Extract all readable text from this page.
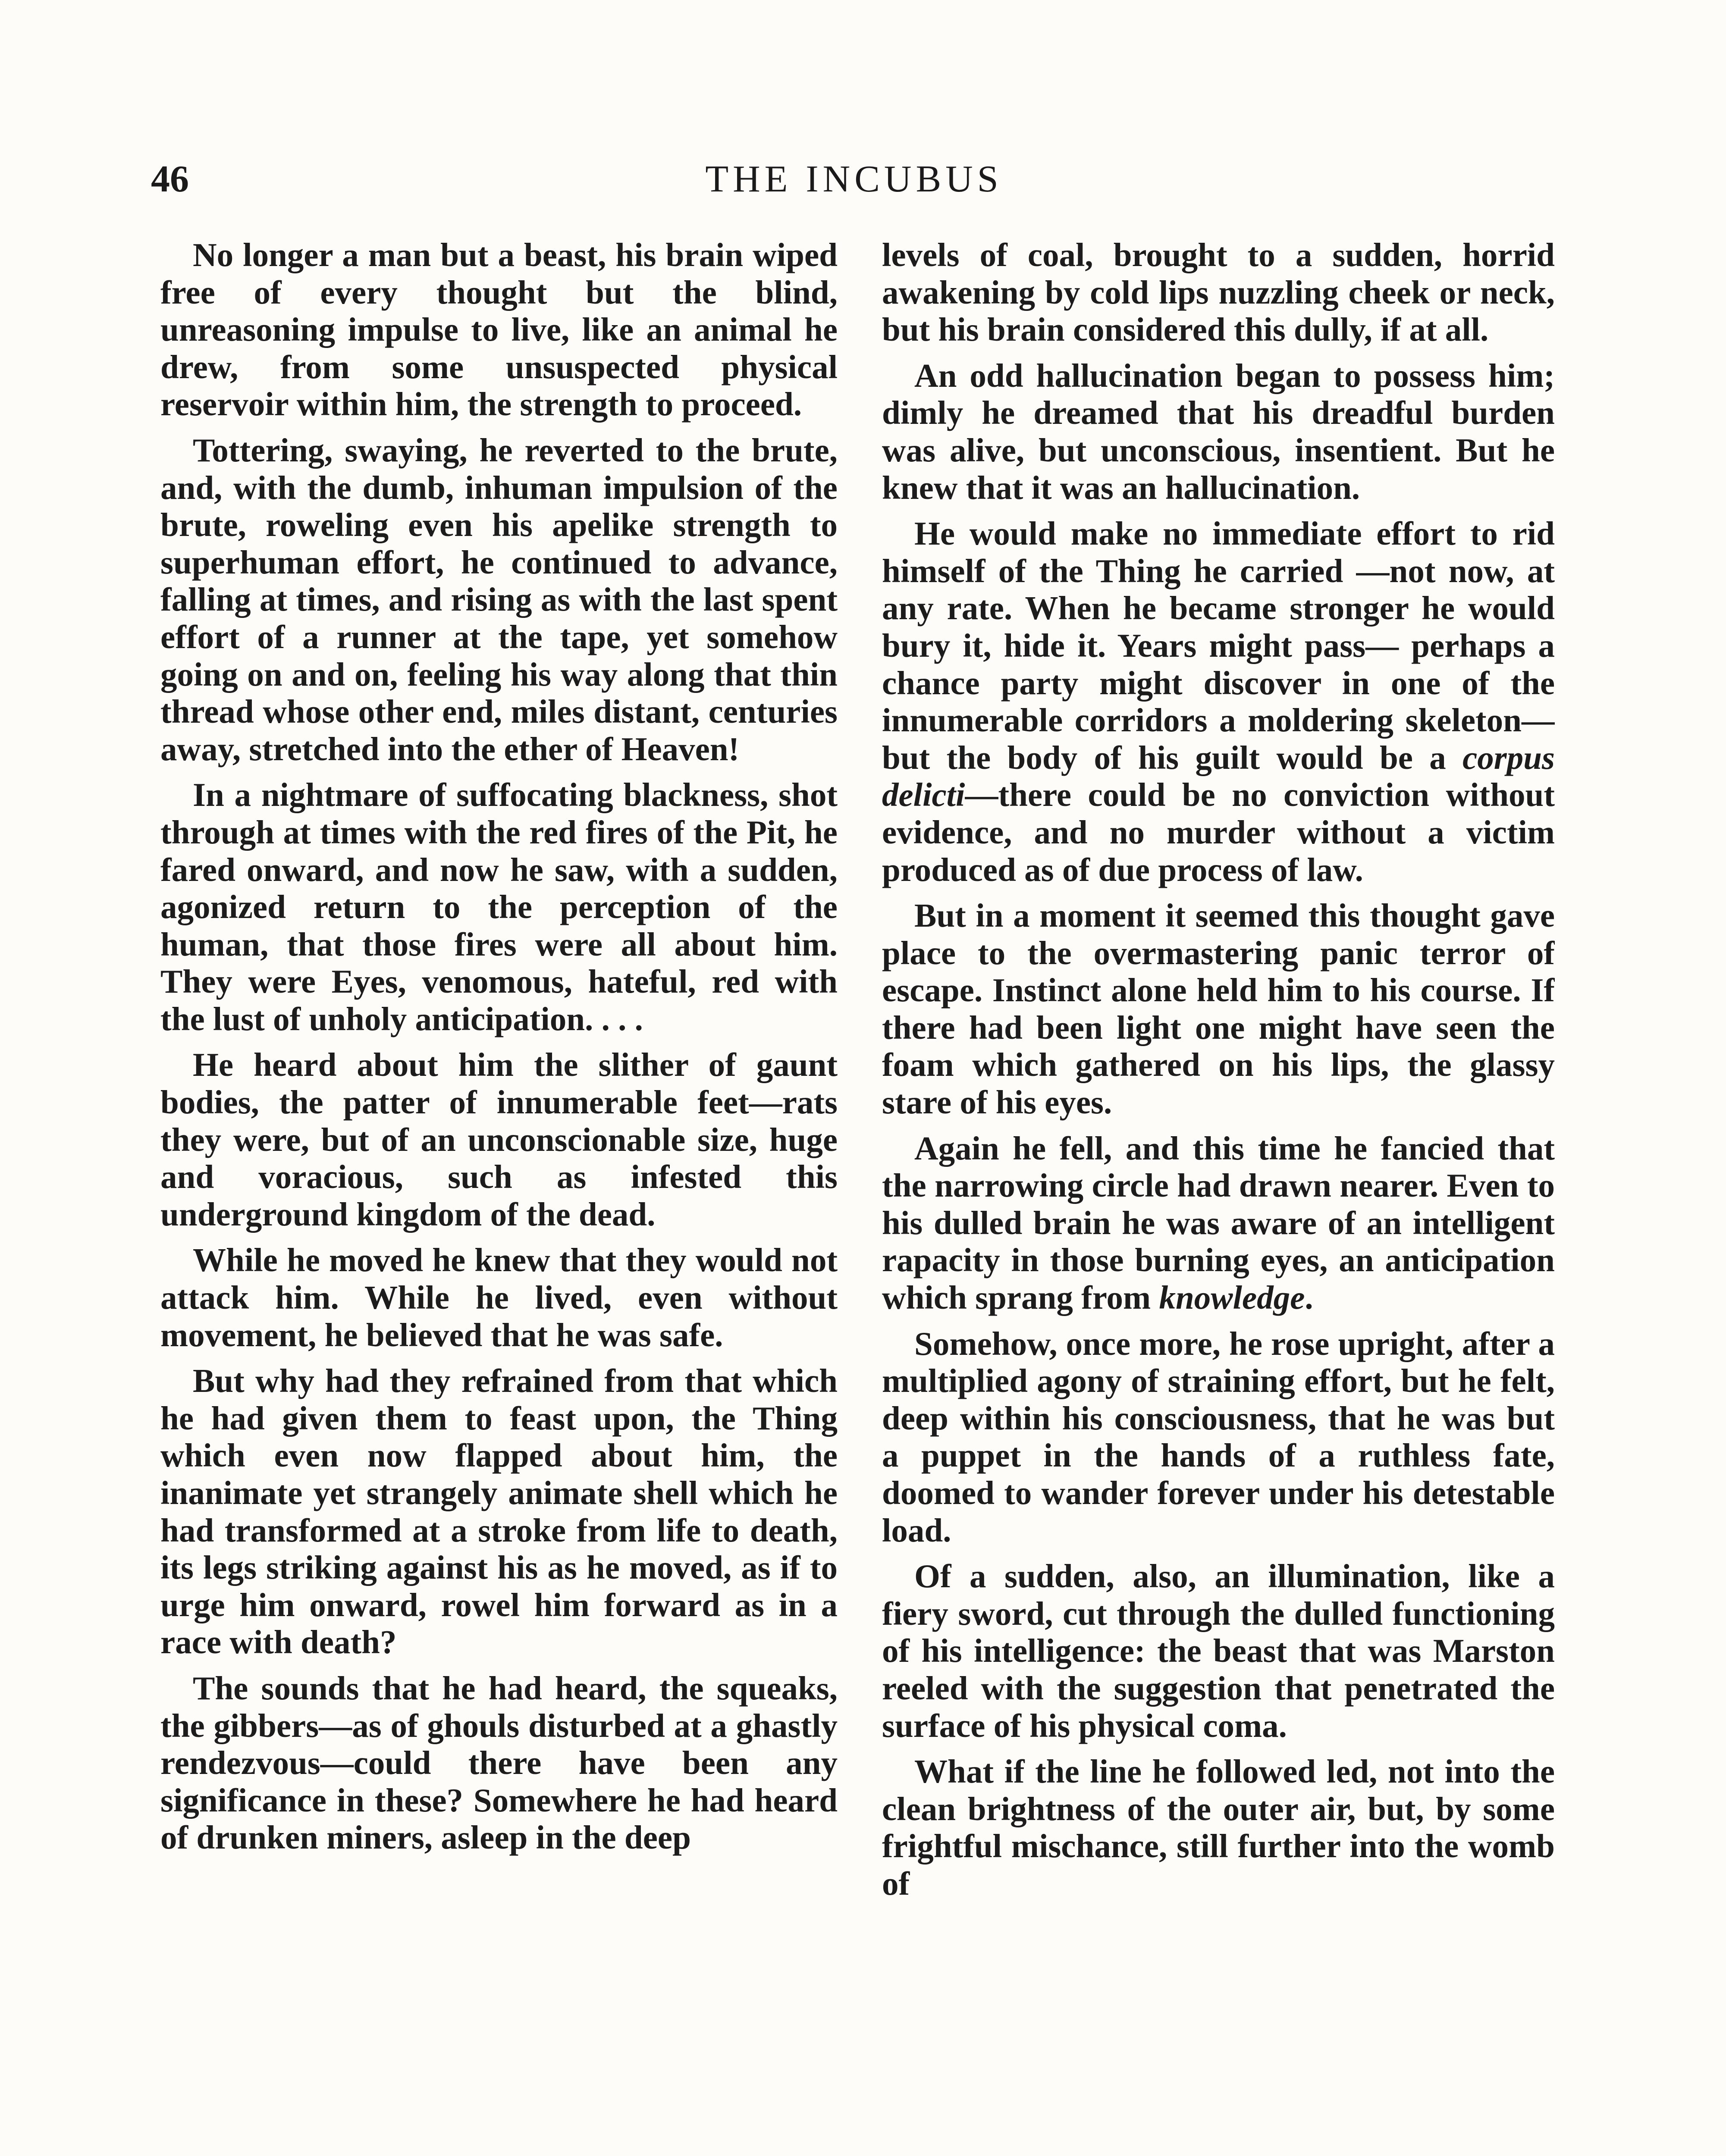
46	THE INCUBUS

No longer a man but a beast, his brain wiped free of every thought but the blind, unreasoning impulse to live, like an animal he drew, from some unsuspected physical reservoir within him, the strength to proceed.

Tottering, swaying, he reverted to the brute, and, with the dumb, inhuman impulsion of the brute, roweling even his apelike strength to superhuman effort, he continued to advance, falling at times, and rising as with the last spent effort of a runner at the tape, yet somehow going on and on, feeling his way along that thin thread whose other end, miles distant, centuries away, stretched into the ether of Heaven!

In a nightmare of suffocating blackness, shot through at times with the red fires of the Pit, he fared onward, and now he saw, with a sudden, agonized return to the perception of the human, that those fires were all about him. They were Eyes, venomous, hateful, red with the lust of unholy anticipation. . . .

He heard about him the slither of gaunt bodies, the patter of innumerable feet—rats they were, but of an unconscionable size, huge and voracious, such as infested this underground kingdom of the dead.

While he moved he knew that they would not attack him. While he lived, even without movement, he believed that he was safe.

But why had they refrained from that which he had given them to feast upon, the Thing which even now flapped about him, the inanimate yet strangely animate shell which he had transformed at a stroke from life to death, its legs striking against his as he moved, as if to urge him onward, rowel him forward as in a race with death?

The sounds that he had heard, the squeaks, the gibbers—as of ghouls disturbed at a ghastly rendezvous—could there have been any significance in these? Somewhere he had heard of drunken miners, asleep in the deep

levels of coal, brought to a sudden, horrid awakening by cold lips nuzzling cheek or neck, but his brain considered this dully, if at all.

An odd hallucination began to possess him; dimly he dreamed that his dreadful burden was alive, but unconscious, insentient. But he knew that it was an hallucination.

He would make no immediate effort to rid himself of the Thing he carried —not now, at any rate. When he became stronger he would bury it, hide it. Years might pass— perhaps a chance party might discover in one of the innumerable corridors a moldering skeleton—but the body of his guilt would be a corpus delicti—there could be no conviction without evidence, and no murder without a victim produced as of due process of law.

But in a moment it seemed this thought gave place to the overmastering panic terror of escape. Instinct alone held him to his course. If there had been light one might have seen the foam which gathered on his lips, the glassy stare of his eyes.

Again he fell, and this time he fancied that the narrowing circle had drawn nearer. Even to his dulled brain he was aware of an intelligent rapacity in those burning eyes, an anticipation which sprang from knowledge.

Somehow, once more, he rose upright, after a multiplied agony of straining effort, but he felt, deep within his consciousness, that he was but a puppet in the hands of a ruthless fate, doomed to wander forever under his detestable load.

Of a sudden, also, an illumination, like a fiery sword, cut through the dulled functioning of his intelligence: the beast that was Marston reeled with the suggestion that penetrated the surface of his physical coma.

What if the line he followed led, not into the clean brightness of the outer air, but, by some frightful mischance, still further into the womb of
